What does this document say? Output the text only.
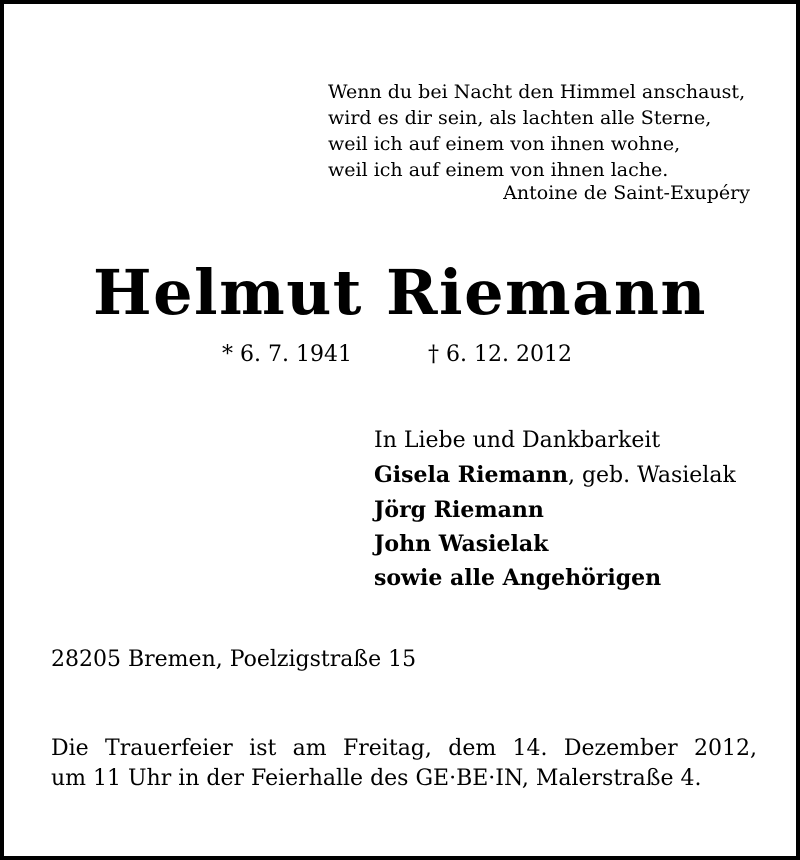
Wenn du bei Nacht den Himmel anschaust,
wird es dir sein, als lachten alle Sterne,
weil ich auf einem von ihnen wohne,
weil ich auf einem von ihnen lache.
Antoine de Saint-Exupéry
Helmut Riemann
* 6. 7. 1941	† 6. 12. 2012
In Liebe und Dankbarkeit
Gisela Riemann, geb. Wasielak
Jörg Riemann
John Wasielak
sowie alle Angehörigen
28205 Bremen, Poelzigstraße 15
Die Trauerfeier ist am Freitag, dem 14. Dezember 2012,
um 11 Uhr in der Feierhalle des GE·BE·IN, Malerstraße 4.
